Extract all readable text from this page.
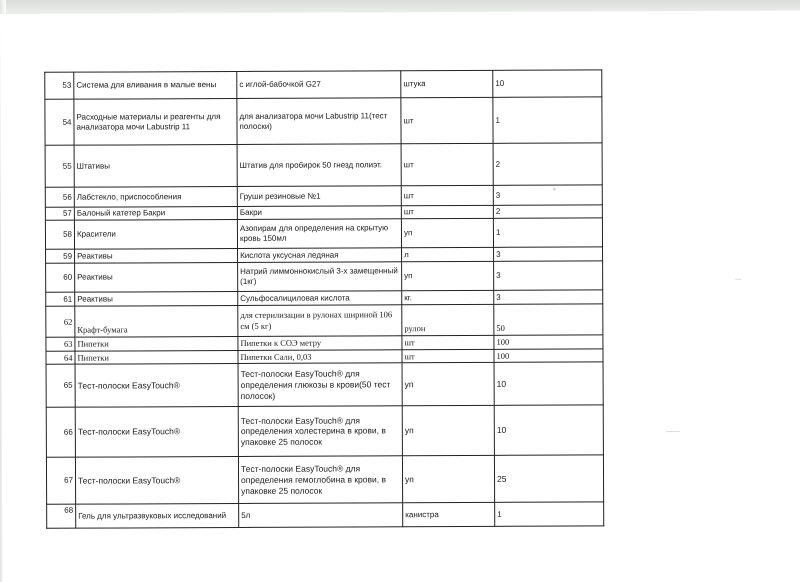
53	Система для вливания в малые вены	с иглой-бабочкой G27	штука	10
54	Расходные материалы и реагенты для анализатора мочи Labustrip 11	для анализатора мочи Labustrip 11(тест полоски)	шт	1
55	Штативы	Штатив для пробирок 50 гнезд полиэт.	шт	2
56	Лабстекло, приспособления	Груши резиновые №1	шт	3
57	Балоный катетер Бакри	Бакри	шт	2
58	Красители	Азопирам для определения на скрытую кровь 150мл	уп	1
59	Реактивы	Кислота уксусная ледяная	л	3
60	Реактивы	Натрий лиммоннокислый 3-х замещенный (1кг)	уп	3
61	Реактивы	Сульфосалициловая кислота	кг.	3
62	Крафт-бумага	для стерилизации в рулонах шириной 106 см (5 кг)	рулон	50
63	Пипетки	Пипетки к СОЭ метру	шт	100
64	Пипетки	Пипетки Сали, 0,03	шт	100
65	Тест-полоски EasyTouch®	Тест-полоски EasyTouch® для определения глюкозы в крови(50 тест полосок)	уп	10
66	Тест-полоски EasyTouch®	Тест-полоски EasyTouch® для определения холестерина в крови, в упаковке 25 полосок	уп	10
67	Тест-полоски EasyTouch®	Тест-полоски EasyTouch® для определения гемоглобина в крови, в упаковке 25 полосок	уп	25
68	Гель для ультразвуковых исследований	5л	канистра	1
